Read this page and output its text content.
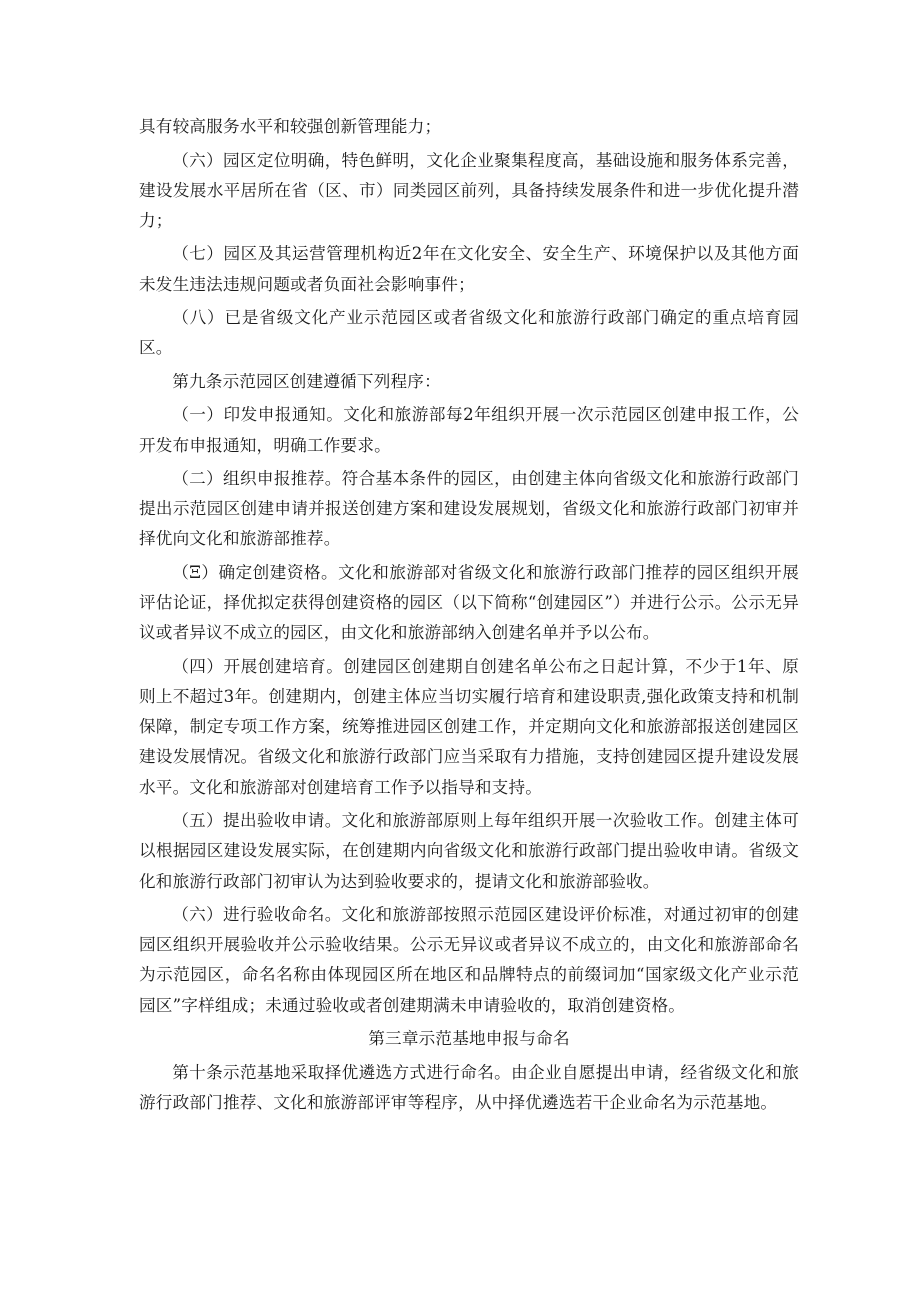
具有较高服务水平和较强创新管理能力；

（六）园区定位明确，特色鲜明，文化企业聚集程度高，基础设施和服务体系完善，建设发展水平居所在省（区、市）同类园区前列，具备持续发展条件和进一步优化提升潜力；

（七）园区及其运营管理机构近2年在文化安全、安全生产、环境保护以及其他方面未发生违法违规问题或者负面社会影响事件；

（八）已是省级文化产业示范园区或者省级文化和旅游行政部门确定的重点培育园区。

第九条示范园区创建遵循下列程序：

（一）印发申报通知。文化和旅游部每2年组织开展一次示范园区创建申报工作，公开发布申报通知，明确工作要求。

（二）组织申报推荐。符合基本条件的园区，由创建主体向省级文化和旅游行政部门提出示范园区创建申请并报送创建方案和建设发展规划，省级文化和旅游行政部门初审并择优向文化和旅游部推荐。

（Ξ）确定创建资格。文化和旅游部对省级文化和旅游行政部门推荐的园区组织开展评估论证，择优拟定获得创建资格的园区（以下简称“创建园区”）并进行公示。公示无异议或者异议不成立的园区，由文化和旅游部纳入创建名单并予以公布。

（四）开展创建培育。创建园区创建期自创建名单公布之日起计算，不少于1年、原则上不超过3年。创建期内，创建主体应当切实履行培育和建设职责,强化政策支持和机制保障，制定专项工作方案，统筹推进园区创建工作，并定期向文化和旅游部报送创建园区建设发展情况。省级文化和旅游行政部门应当采取有力措施，支持创建园区提升建设发展水平。文化和旅游部对创建培育工作予以指导和支持。

（五）提出验收申请。文化和旅游部原则上每年组织开展一次验收工作。创建主体可以根据园区建设发展实际，在创建期内向省级文化和旅游行政部门提出验收申请。省级文化和旅游行政部门初审认为达到验收要求的，提请文化和旅游部验收。

（六）进行验收命名。文化和旅游部按照示范园区建设评价标准，对通过初审的创建园区组织开展验收并公示验收结果。公示无异议或者异议不成立的，由文化和旅游部命名为示范园区，命名名称由体现园区所在地区和品牌特点的前缀词加“国家级文化产业示范园区”字样组成；未通过验收或者创建期满未申请验收的，取消创建资格。

第三章示范基地申报与命名

第十条示范基地采取择优遴选方式进行命名。由企业自愿提出申请，经省级文化和旅游行政部门推荐、文化和旅游部评审等程序，从中择优遴选若干企业命名为示范基地。
